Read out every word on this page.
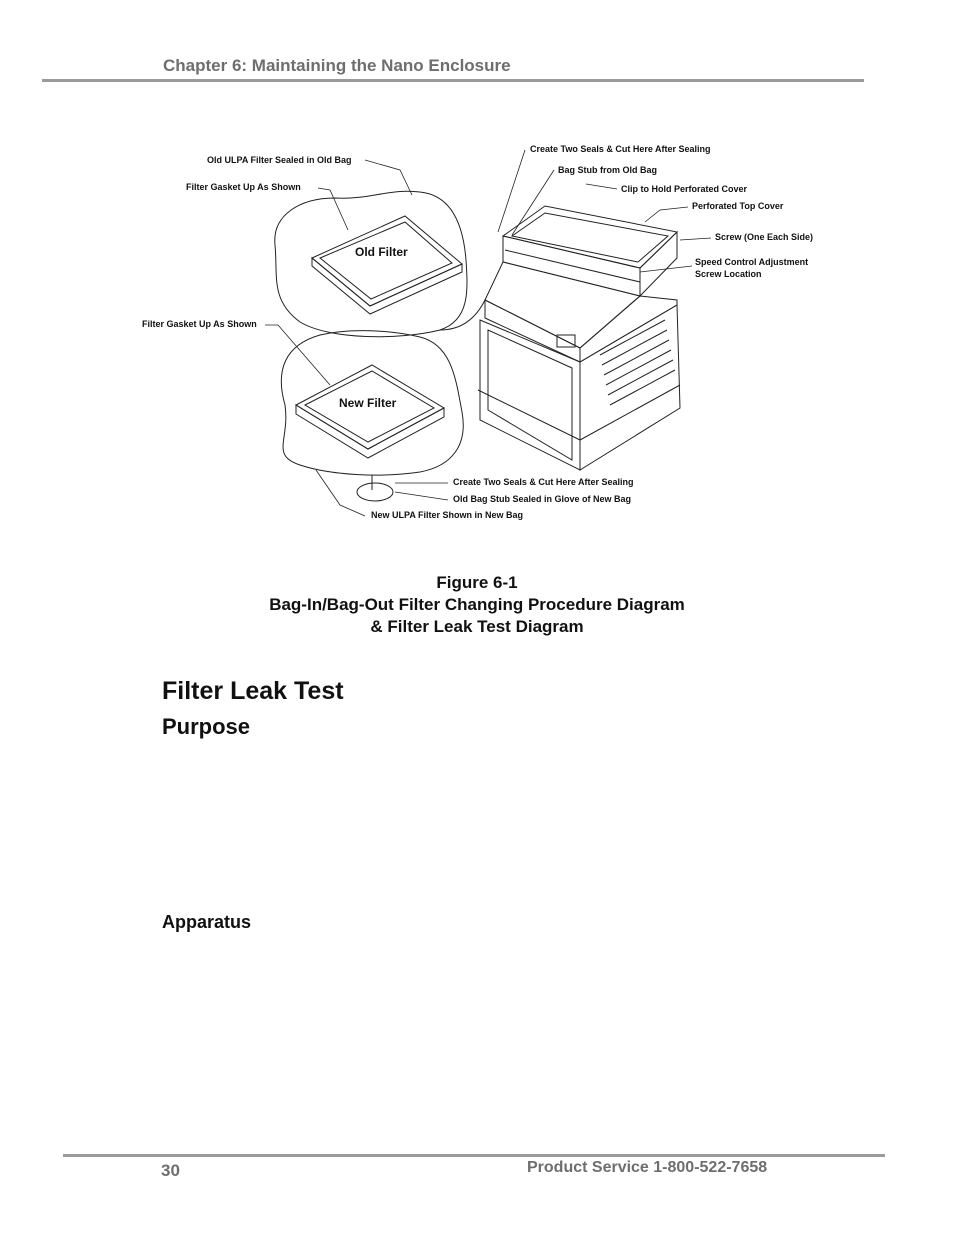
Chapter 6: Maintaining the Nano Enclosure
Old ULPA Filter Sealed in Old Bag
Filter Gasket Up As Shown
Old Filter
Filter Gasket Up As Shown
New Filter
Create Two Seals & Cut Here After Sealing
Bag Stub from Old Bag
Clip to Hold Perforated Cover
Perforated Top Cover
Screw (One Each Side)
Speed Control Adjustment
Screw Location
Create Two Seals & Cut Here After Sealing
Old Bag Stub Sealed in Glove of New Bag
New ULPA Filter Shown in New Bag
Figure 6-1
Bag-In/Bag-Out Filter Changing Procedure Diagram
& Filter Leak Test Diagram
Filter Leak Test
Purpose
Apparatus
30	Product Service 1-800-522-7658
